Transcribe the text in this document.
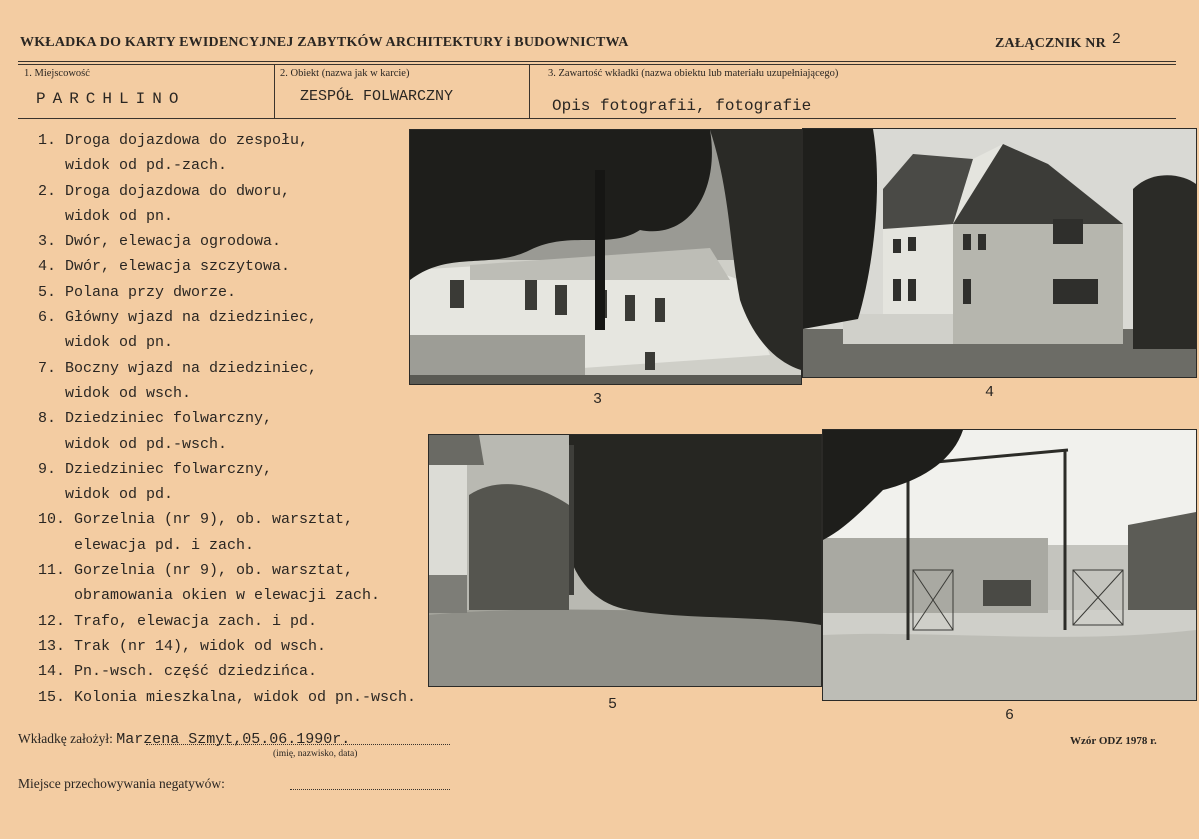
WKŁADKA DO KARTY EWIDENCYJNEJ ZABYTKÓW ARCHITEKTURY i BUDOWNICTWA	ZAŁĄCZNIK NR 2
1. Miejscowość
PARCHLINO
2. Obiekt (nazwa jak w karcie)
ZESPÓŁ FOLWARCZNY
3. Zawartość wkładki (nazwa obiektu lub materiału uzupełniającego)
Opis fotografii, fotografie
1. Droga dojazdowa do zespołu,
widok od pd.-zach.
2. Droga dojazdowa do dworu,
widok od pn.
3. Dwór, elewacja ogrodowa.
4. Dwór, elewacja szczytowa.
5. Polana przy dworze.
6. Główny wjazd na dziedziniec,
widok od pn.
7. Boczny wjazd na dziedziniec,
widok od wsch.
8. Dziedziniec folwarczny,
widok od pd.-wsch.
9. Dziedziniec folwarczny,
widok od pd.
10. Gorzelnia (nr 9), ob. warsztat,
elewacja pd. i zach.
11. Gorzelnia (nr 9), ob. warsztat,
obramowania okien w elewacji zach.
12. Trafo, elewacja zach. i pd.
13. Trak (nr 14), widok od wsch.
14. Pn.-wsch. część dziedzińca.
15. Kolonia mieszkalna, widok od pn.-wsch.
3	4
5
6
Wkładkę założył: Marzena Szmyt,05.06.1990r.
(imię, nazwisko, data)
Wzór ODZ 1978 r.
Miejsce przechowywania negatywów:
